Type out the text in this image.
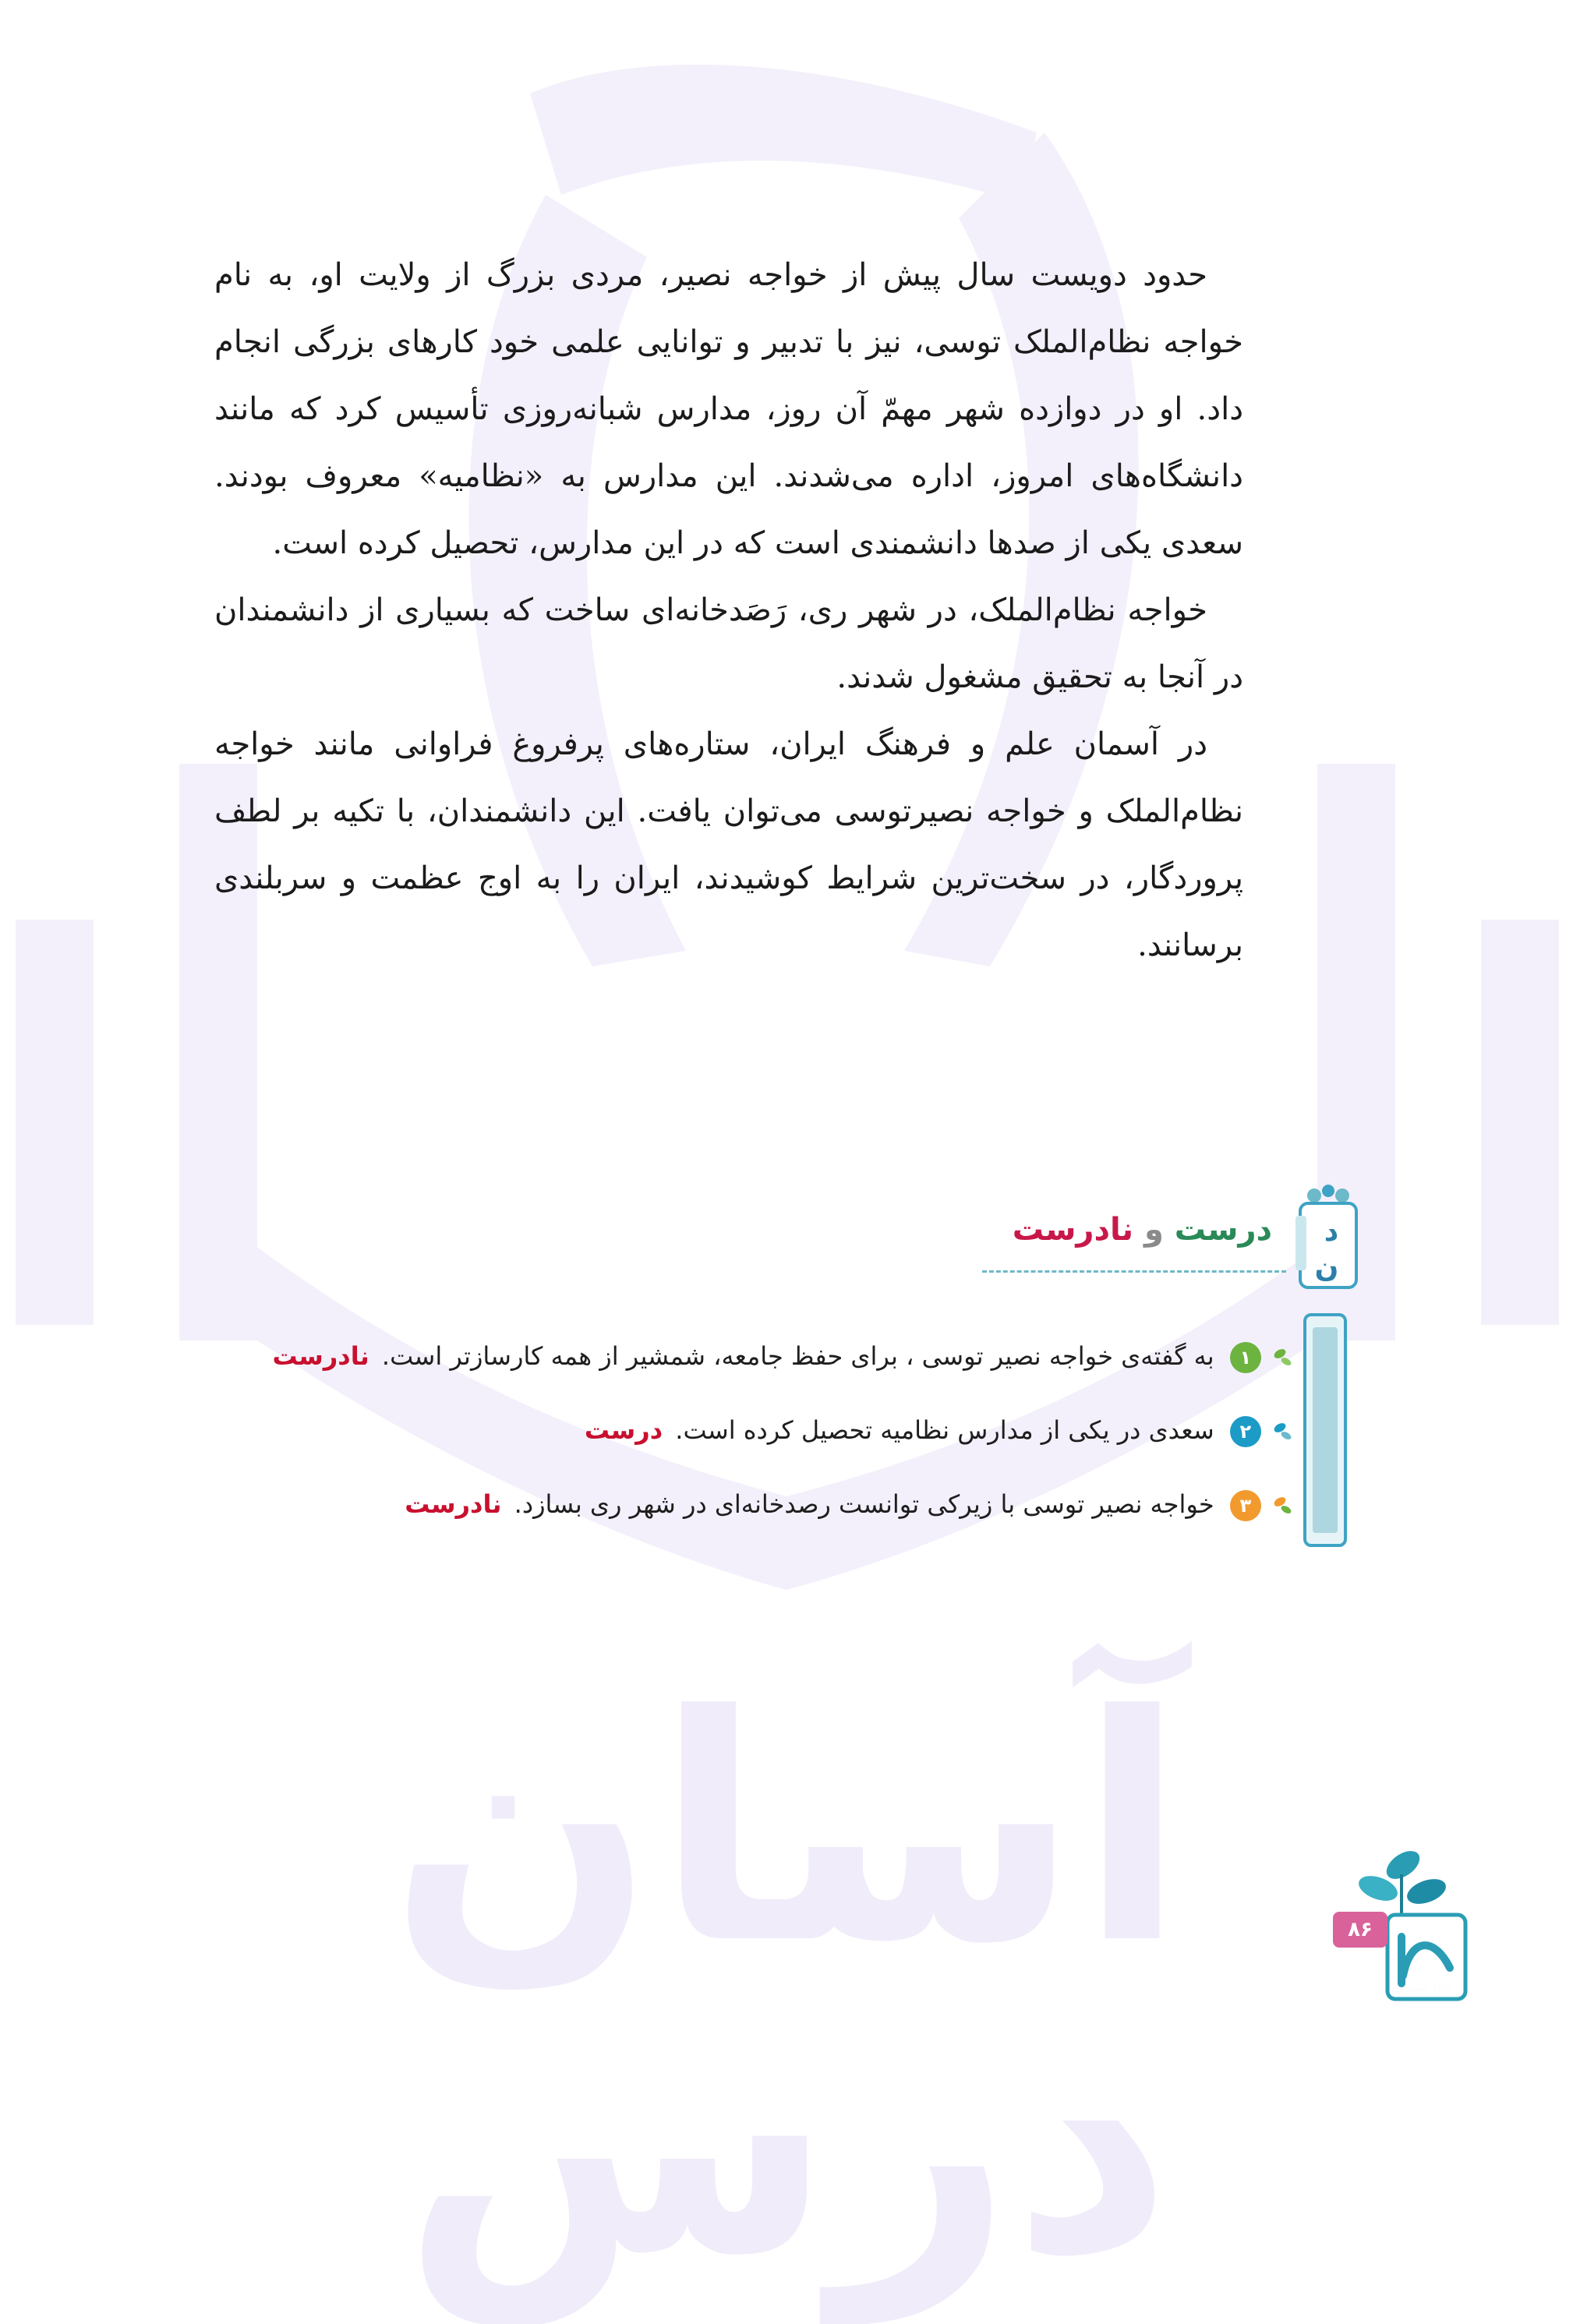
آسان درس

حدود دویست سال پیش از خواجه نصیر، مردی بزرگ از ولایت او، به نام خواجه نظام‌الملک توسی، نیز با تدبیر و توانایی علمی خود کارهای بزرگی انجام داد. او در دوازده شهر مهمّ آن روز، مدارس شبانه‌روزی تأسیس کرد که مانند دانشگاه‌های امروز، اداره می‌شدند. این مدارس به «نظامیه» معروف بودند. سعدی یکی از صدها دانشمندی است که در این مدارس، تحصیل کرده است.

خواجه نظام‌الملک، در شهر ری، رَصَدخانه‌ای ساخت که بسیاری از دانشمندان در آنجا به تحقیق مشغول شدند.

در آسمان علم و فرهنگ ایران، ستاره‌های پرفروغ فراوانی مانند خواجه نظام‌الملک و خواجه نصیرتوسی می‌توان یافت. این دانشمندان، با تکیه بر لطف پروردگار، در سخت‌ترین شرایط کوشیدند، ایران را به اوج عظمت و سربلندی برسانند.

د
ن
درست و نادرست
۱ به گفته‌ی خواجه نصیر توسی ، برای حفظ جامعه، شمشیر از همه کارسازتر است. نادرست
۲ سعدی در یکی از مدارس نظامیه تحصیل کرده است. درست
۳ خواجه نصیر توسی با زیرکی توانست رصدخانه‌ای در شهر ری بسازد. نادرست
فارسی
۸۶
